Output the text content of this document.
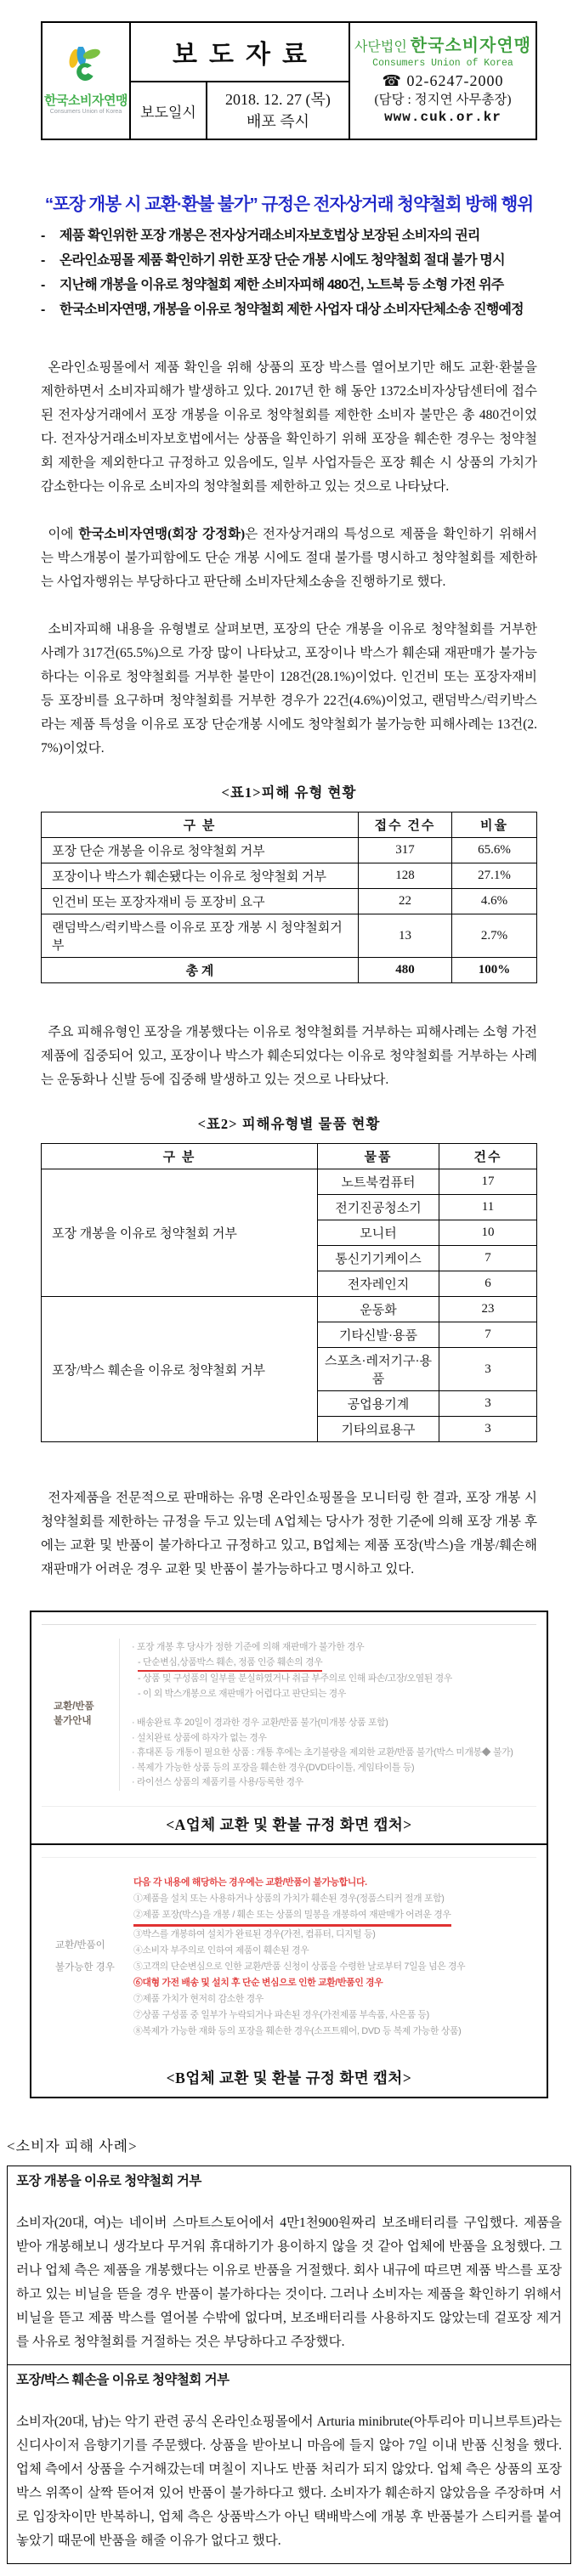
한국소비자연맹
Consumers Union of Korea
보도자료
보도일시
2018. 12. 27 (목)
배포 즉시
사단법인 한국소비자연맹
Consumers Union of Korea
☎ 02-6247-2000
(담당 : 정지연 사무총장)
www.cuk.or.kr
“포장 개봉 시 교환·환불 불가” 규정은 전자상거래 청약철회 방해 행위
-	제품 확인위한 포장 개봉은 전자상거래소비자보호법상 보장된 소비자의 권리
-	온라인쇼핑몰 제품 확인하기 위한 포장 단순 개봉 시에도 청약철회 절대 불가 명시
-	지난해 개봉을 이유로 청약철회 제한 소비자피해 480건, 노트북 등 소형 가전 위주
-	한국소비자연맹, 개봉을 이유로 청약철회 제한 사업자 대상 소비자단체소송 진행예정

온라인쇼핑몰에서 제품 확인을 위해 상품의 포장 박스를 열어보기만 해도 교환·환불을 제한하면서 소비자피해가 발생하고 있다. 2017년 한 해 동안 1372소비자상담센터에 접수된 전자상거래에서 포장 개봉을 이유로 청약철회를 제한한 소비자 불만은 총 480건이었다. 전자상거래소비자보호법에서는 상품을 확인하기 위해 포장을 훼손한 경우는 청약철회 제한을 제외한다고 규정하고 있음에도, 일부 사업자들은 포장 훼손 시 상품의 가치가 감소한다는 이유로 소비자의 청약철회를 제한하고 있는 것으로 나타났다.

이에 한국소비자연맹(회장 강정화)은 전자상거래의 특성으로 제품을 확인하기 위해서는 박스개봉이 불가피함에도 단순 개봉 시에도 절대 불가를 명시하고 청약철회를 제한하는 사업자행위는 부당하다고 판단해 소비자단체소송을 진행하기로 했다.

소비자피해 내용을 유형별로 살펴보면, 포장의 단순 개봉을 이유로 청약철회를 거부한 사례가 317건(65.5%)으로 가장 많이 나타났고, 포장이나 박스가 훼손돼 재판매가 불가능하다는 이유로 청약철회를 거부한 불만이 128건(28.1%)이었다. 인건비 또는 포장자재비 등 포장비를 요구하며 청약철회를 거부한 경우가 22건(4.6%)이었고, 랜덤박스/럭키박스라는 제품 특성을 이유로 포장 단순개봉 시에도 청약철회가 불가능한 피해사례는 13건(2.7%)이었다.

<표1>피해 유형 현황
구 분	접수 건수	비율
포장 단순 개봉을 이유로 청약철회 거부	317	65.6%
포장이나 박스가 훼손됐다는 이유로 청약철회 거부	128	27.1%
인건비 또는 포장자재비 등 포장비 요구	22	4.6%
랜덤박스/럭키박스를 이유로 포장 개봉 시 청약철회거부	13	2.7%
총 계	480	100%

주요 피해유형인 포장을 개봉했다는 이유로 청약철회를 거부하는 피해사례는 소형 가전제품에 집중되어 있고, 포장이나 박스가 훼손되었다는 이유로 청약철회를 거부하는 사례는 운동화나 신발 등에 집중해 발생하고 있는 것으로 나타났다.

<표2> 피해유형별 물품 현황
구 분	물품	건수
포장 개봉을 이유로 청약철회 거부	노트북컴퓨터	17
	전기진공청소기	11
	모니터	10
	통신기기케이스	7
	전자레인지	6
포장/박스 훼손을 이유로 청약철회 거부	운동화	23
	기타신발·용품	7
	스포츠·레저기구·용품	3
	공업용기계	3
	기타의료용구	3

전자제품을 전문적으로 판매하는 유명 온라인쇼핑몰을 모니터링 한 결과, 포장 개봉 시 청약철회를 제한하는 규정을 두고 있는데 A업체는 당사가 정한 기준에 의해 포장 개봉 후에는 교환 및 반품이 불가하다고 규정하고 있고, B업체는 제품 포장(박스)을 개봉/훼손해 재판매가 어려운 경우 교환 및 반품이 불가능하다고 명시하고 있다.

교환/반품
불가안내
· 포장 개봉 후 당사가 정한 기준에 의해 재판매가 불가한 경우
- 단순변심,상품박스 훼손, 정품 인증 훼손의 경우
- 상품 및 구성품의 일부를 분실하였거나 취급 부주의로 인해 파손/고장/오염된 경우
- 이 외 박스개봉으로 재판매가 어렵다고 판단되는 경우
· 배송완료 후 20일이 경과한 경우 교환/반품 불가(미개봉 상품 포함)
· 설치완료 상품에 하자가 없는 경우
· 휴대폰 등 개통이 필요한 상품 : 개통 후에는 초기불량을 제외한 교환/반품 불가(박스 미개봉◆ 불가)
· 복제가 가능한 상품 등의 포장을 훼손한 경우(DVD타이틀, 게임타이틀 등)
· 라이선스 상품의 제품키를 사용/등록한 경우
<A업체 교환 및 환불 규정 화면 캡처>
교환/반품이
불가능한 경우
다음 각 내용에 해당하는 경우에는 교환/반품이 불가능합니다.
①제품을 설치 또는 사용하거나 상품의 가치가 훼손된 경우(정품스티커 절개 포함)
②제품 포장(박스)을 개봉 / 훼손 또는 상품의 밀봉을 개봉하여 재판매가 어려운 경우
③박스를 개봉하여 설치가 완료된 경우(가전, 컴퓨터, 디지털 등)
④소비자 부주의로 인하여 제품이 훼손된 경우
⑤고객의 단순변심으로 인한 교환/반품 신청이 상품을 수령한 날로부터 7일을 넘은 경우
⑥대형 가전 배송 및 설치 후 단순 변심으로 인한 교환/반품인 경우
⑦제품 가치가 현저히 감소한 경우
⑦상품 구성품 중 일부가 누락되거나 파손된 경우(가전제품 부속품, 사은품 등)
⑧복제가 가능한 재화 등의 포장을 훼손한 경우(소프트웨어, DVD 등 복제 가능한 상품)
<B업체 교환 및 환불 규정 화면 캡처>
<소비자 피해 사례>
포장 개봉을 이유로 청약철회 거부

소비자(20대, 여)는 네이버 스마트스토어에서 4만1천900원짜리 보조배터리를 구입했다. 제품을 받아 개봉해보니 생각보다 무거워 휴대하기가 용이하지 않을 것 같아 업체에 반품을 요청했다. 그러나 업체 측은 제품을 개봉했다는 이유로 반품을 거절했다. 회사 내규에 따르면 제품 박스를 포장하고 있는 비닐을 뜯을 경우 반품이 불가하다는 것이다. 그러나 소비자는 제품을 확인하기 위해서 비닐을 뜯고 제품 박스를 열어볼 수밖에 없다며, 보조배터리를 사용하지도 않았는데 겉포장 제거를 사유로 청약철회를 거절하는 것은 부당하다고 주장했다.

포장/박스 훼손을 이유로 청약철회 거부

소비자(20대, 남)는 악기 관련 공식 온라인쇼핑몰에서 Arturia minibrute(아투리아 미니브루트)라는 신디사이저 음향기기를 주문했다. 상품을 받아보니 마음에 들지 않아 7일 이내 반품 신청을 했다. 업체 측에서 상품을 수거해갔는데 며칠이 지나도 반품 처리가 되지 않았다. 업체 측은 상품의 포장박스 위쪽이 살짝 뜯어져 있어 반품이 불가하다고 했다. 소비자가 훼손하지 않았음을 주장하며 서로 입장차이만 반복하니, 업체 측은 상품박스가 아닌 택배박스에 개봉 후 반품불가 스티커를 붙여놓았기 때문에 반품을 해줄 이유가 없다고 했다.
